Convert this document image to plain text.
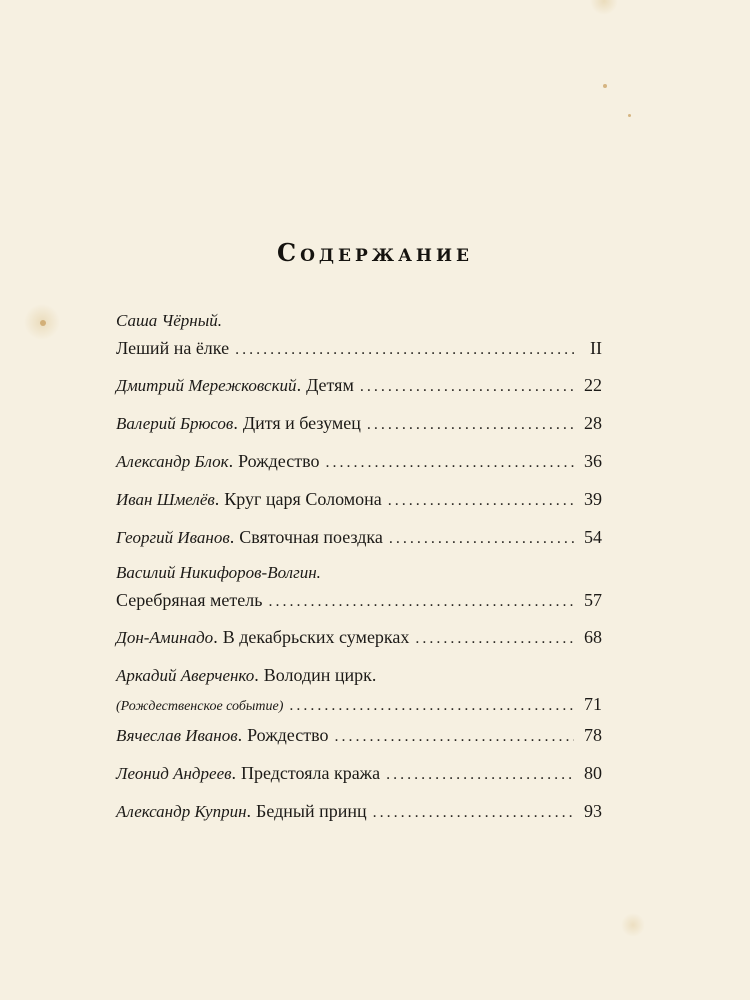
Содержание
Саша Чёрный.
Леший на ёлке .....	II
Дмитрий Мережковский . Детям .....	22
Валерий Брюсов . Дитя и безумец .....	28
Александр Блок . Рождество .....	36
Иван Шмелёв . Круг царя Соломона .....	39
Георгий Иванов . Святочная поездка .....	54
Василий Никифоров-Волгин.
Серебряная метель .....	57
Дон-Аминадо . В декабрьских сумерках .....	68
Аркадий Аверченко . Володин цирк.
(Рождественское событие) .....	71
Вячеслав Иванов . Рождество .....	78
Леонид Андреев . Предстояла кража .....	80
Александр Куприн . Бедный принц .....	93
